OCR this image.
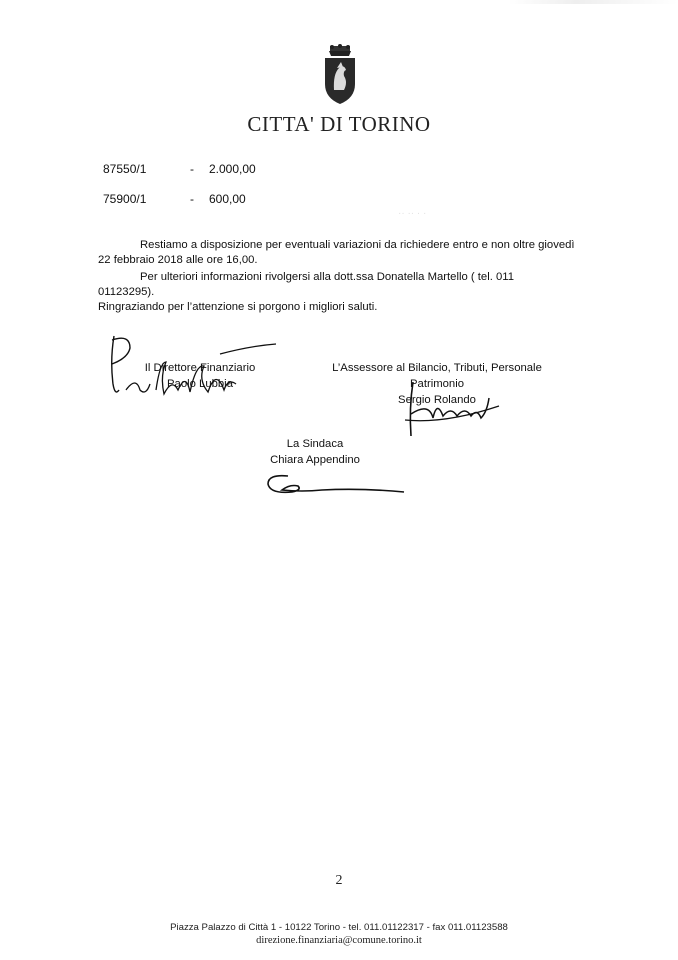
CITTA' DI TORINO
·· ·· · ·
87550/1	- 2.000,00
75900/1	- 600,00
Restiamo a disposizione per eventuali variazioni da richiedere entro e non oltre giovedì
22 febbraio 2018 alle ore 16,00.
Per ulteriori informazioni rivolgersi alla dott.ssa Donatella Martello ( tel. 011
01123295).
Ringraziando per l’attenzione si porgono i migliori saluti.
Il Direttore Finanziario
Paolo Lubbia
L’Assessore al Bilancio, Tributi, Personale
Patrimonio
Sergio Rolando
La Sindaca
Chiara Appendino
2
Piazza Palazzo di Città 1 - 10122 Torino - tel. 011.01122317 - fax 011.01123588
direzione.finanziaria@comune.torino.it
